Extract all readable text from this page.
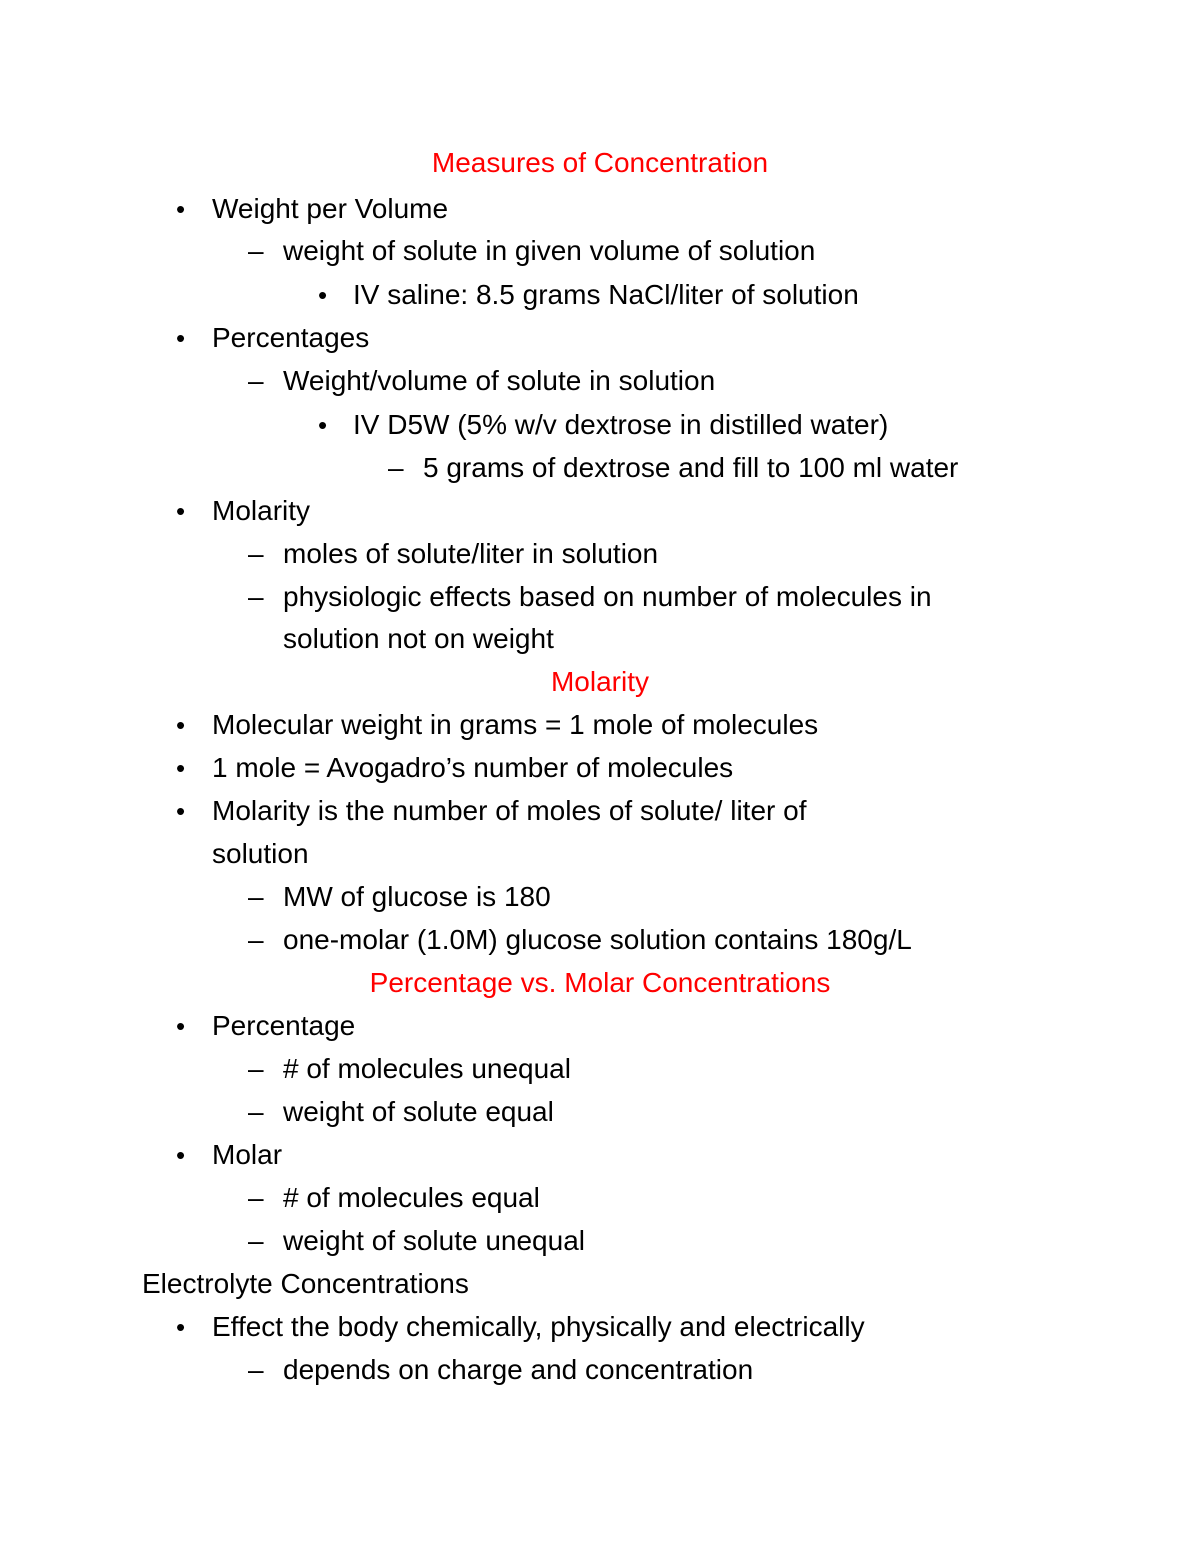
Measures of Concentration
• Weight per Volume
– weight of solute in given volume of solution
• IV saline: 8.5 grams NaCl/liter of solution
• Percentages
– Weight/volume of solute in solution
• IV D5W (5% w/v dextrose in distilled water)
– 5 grams of dextrose and fill to 100 ml water
• Molarity
– moles of solute/liter in solution
– physiologic effects based on number of molecules in
solution not on weight
Molarity
• Molecular weight in grams = 1 mole of molecules
• 1 mole = Avogadro’s number of molecules
• Molarity is the number of moles of solute/ liter of
solution
– MW of glucose is 180
– one-molar (1.0M) glucose solution contains 180g/L
Percentage vs. Molar Concentrations
• Percentage
– # of molecules unequal
– weight of solute equal
• Molar
– # of molecules equal
– weight of solute unequal
Electrolyte Concentrations
• Effect the body chemically, physically and electrically
– depends on charge and concentration
